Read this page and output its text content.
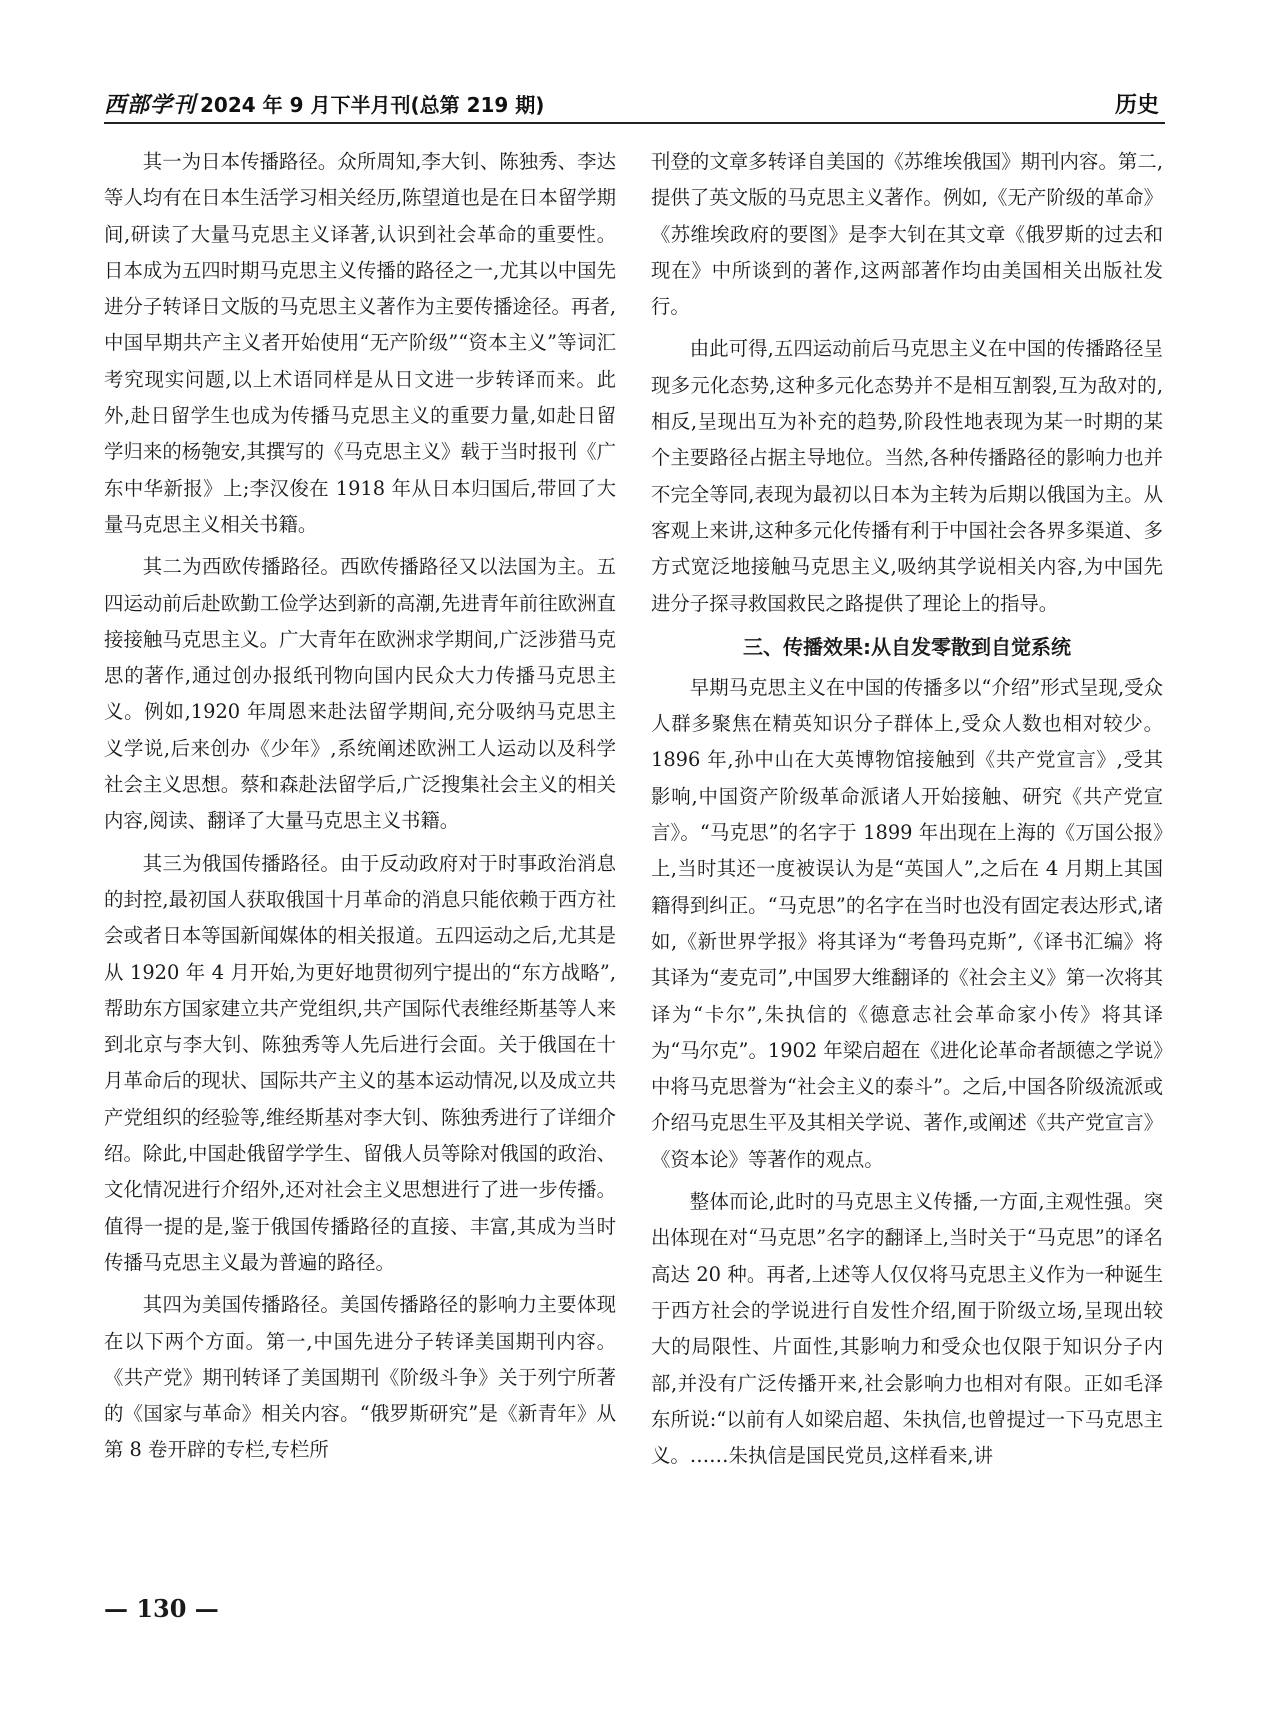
西部学刊 2024 年 9 月下半月刊(总第 219 期)	历史

其一为日本传播路径。众所周知,李大钊、陈独秀、李达等人均有在日本生活学习相关经历,陈望道也是在日本留学期间,研读了大量马克思主义译著,认识到社会革命的重要性。日本成为五四时期马克思主义传播的路径之一,尤其以中国先进分子转译日文版的马克思主义著作为主要传播途径。再者,中国早期共产主义者开始使用“无产阶级”“资本主义”等词汇考究现实问题,以上术语同样是从日文进一步转译而来。此外,赴日留学生也成为传播马克思主义的重要力量,如赴日留学归来的杨匏安,其撰写的《马克思主义》载于当时报刊《广东中华新报》上;李汉俊在 1918 年从日本归国后,带回了大量马克思主义相关书籍。

其二为西欧传播路径。西欧传播路径又以法国为主。五四运动前后赴欧勤工俭学达到新的高潮,先进青年前往欧洲直接接触马克思主义。广大青年在欧洲求学期间,广泛涉猎马克思的著作,通过创办报纸刊物向国内民众大力传播马克思主义。例如,1920 年周恩来赴法留学期间,充分吸纳马克思主义学说,后来创办《少年》,系统阐述欧洲工人运动以及科学社会主义思想。蔡和森赴法留学后,广泛搜集社会主义的相关内容,阅读、翻译了大量马克思主义书籍。

其三为俄国传播路径。由于反动政府对于时事政治消息的封控,最初国人获取俄国十月革命的消息只能依赖于西方社会或者日本等国新闻媒体的相关报道。五四运动之后,尤其是从 1920 年 4 月开始,为更好地贯彻列宁提出的“东方战略”,帮助东方国家建立共产党组织,共产国际代表维经斯基等人来到北京与李大钊、陈独秀等人先后进行会面。关于俄国在十月革命后的现状、国际共产主义的基本运动情况,以及成立共产党组织的经验等,维经斯基对李大钊、陈独秀进行了详细介绍。除此,中国赴俄留学学生、留俄人员等除对俄国的政治、文化情况进行介绍外,还对社会主义思想进行了进一步传播。值得一提的是,鉴于俄国传播路径的直接、丰富,其成为当时传播马克思主义最为普遍的路径。

其四为美国传播路径。美国传播路径的影响力主要体现在以下两个方面。第一,中国先进分子转译美国期刊内容。《共产党》期刊转译了美国期刊《阶级斗争》关于列宁所著的《国家与革命》相关内容。“俄罗斯研究”是《新青年》从第 8 卷开辟的专栏,专栏所

刊登的文章多转译自美国的《苏维埃俄国》期刊内容。第二,提供了英文版的马克思主义著作。例如,《无产阶级的革命》《苏维埃政府的要图》是李大钊在其文章《俄罗斯的过去和现在》中所谈到的著作,这两部著作均由美国相关出版社发行。

由此可得,五四运动前后马克思主义在中国的传播路径呈现多元化态势,这种多元化态势并不是相互割裂,互为敌对的,相反,呈现出互为补充的趋势,阶段性地表现为某一时期的某个主要路径占据主导地位。当然,各种传播路径的影响力也并不完全等同,表现为最初以日本为主转为后期以俄国为主。从客观上来讲,这种多元化传播有利于中国社会各界多渠道、多方式宽泛地接触马克思主义,吸纳其学说相关内容,为中国先进分子探寻救国救民之路提供了理论上的指导。

三、传播效果:从自发零散到自觉系统

早期马克思主义在中国的传播多以“介绍”形式呈现,受众人群多聚焦在精英知识分子群体上,受众人数也相对较少。1896 年,孙中山在大英博物馆接触到《共产党宣言》,受其影响,中国资产阶级革命派诸人开始接触、研究《共产党宣言》。“马克思”的名字于 1899 年出现在上海的《万国公报》上,当时其还一度被误认为是“英国人”,之后在 4 月期上其国籍得到纠正。“马克思”的名字在当时也没有固定表达形式,诸如,《新世界学报》将其译为“考鲁玛克斯”,《译书汇编》将其译为“麦克司”,中国罗大维翻译的《社会主义》第一次将其译为“卡尔”,朱执信的《德意志社会革命家小传》将其译为“马尔克”。1902 年梁启超在《进化论革命者颉德之学说》中将马克思誉为“社会主义的泰斗”。之后,中国各阶级流派或介绍马克思生平及其相关学说、著作,或阐述《共产党宣言》《资本论》等著作的观点。

整体而论,此时的马克思主义传播,一方面,主观性强。突出体现在对“马克思”名字的翻译上,当时关于“马克思”的译名高达 20 种。再者,上述等人仅仅将马克思主义作为一种诞生于西方社会的学说进行自发性介绍,囿于阶级立场,呈现出较大的局限性、片面性,其影响力和受众也仅限于知识分子内部,并没有广泛传播开来,社会影响力也相对有限。正如毛泽东所说:“以前有人如梁启超、朱执信,也曾提过一下马克思主义。……朱执信是国民党员,这样看来,讲

— 130 —
